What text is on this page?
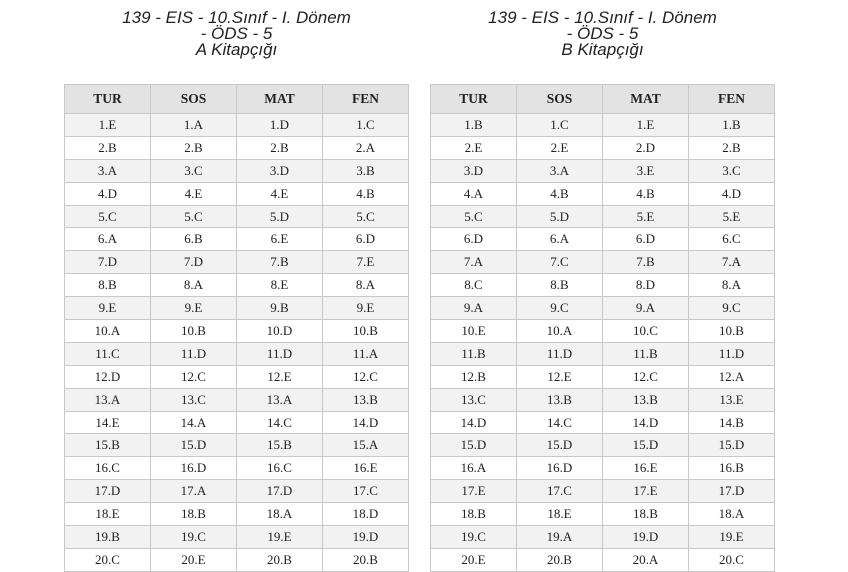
139 - EIS - 10.Sınıf - I. Dönem
- ÖDS - 5
A Kitapçığı
TUR	SOS	MAT	FEN
1.E	1.A	1.D	1.C
2.B	2.B	2.B	2.A
3.A	3.C	3.D	3.B
4.D	4.E	4.E	4.B
5.C	5.C	5.D	5.C
6.A	6.B	6.E	6.D
7.D	7.D	7.B	7.E
8.B	8.A	8.E	8.A
9.E	9.E	9.B	9.E
10.A	10.B	10.D	10.B
11.C	11.D	11.D	11.A
12.D	12.C	12.E	12.C
13.A	13.C	13.A	13.B
14.E	14.A	14.C	14.D
15.B	15.D	15.B	15.A
16.C	16.D	16.C	16.E
17.D	17.A	17.D	17.C
18.E	18.B	18.A	18.D
19.B	19.C	19.E	19.D
20.C	20.E	20.B	20.B
139 - EIS - 10.Sınıf - I. Dönem
- ÖDS - 5
B Kitapçığı
TUR	SOS	MAT	FEN
1.B	1.C	1.E	1.B
2.E	2.E	2.D	2.B
3.D	3.A	3.E	3.C
4.A	4.B	4.B	4.D
5.C	5.D	5.E	5.E
6.D	6.A	6.D	6.C
7.A	7.C	7.B	7.A
8.C	8.B	8.D	8.A
9.A	9.C	9.A	9.C
10.E	10.A	10.C	10.B
11.B	11.D	11.B	11.D
12.B	12.E	12.C	12.A
13.C	13.B	13.B	13.E
14.D	14.C	14.D	14.B
15.D	15.D	15.D	15.D
16.A	16.D	16.E	16.B
17.E	17.C	17.E	17.D
18.B	18.E	18.B	18.A
19.C	19.A	19.D	19.E
20.E	20.B	20.A	20.C
